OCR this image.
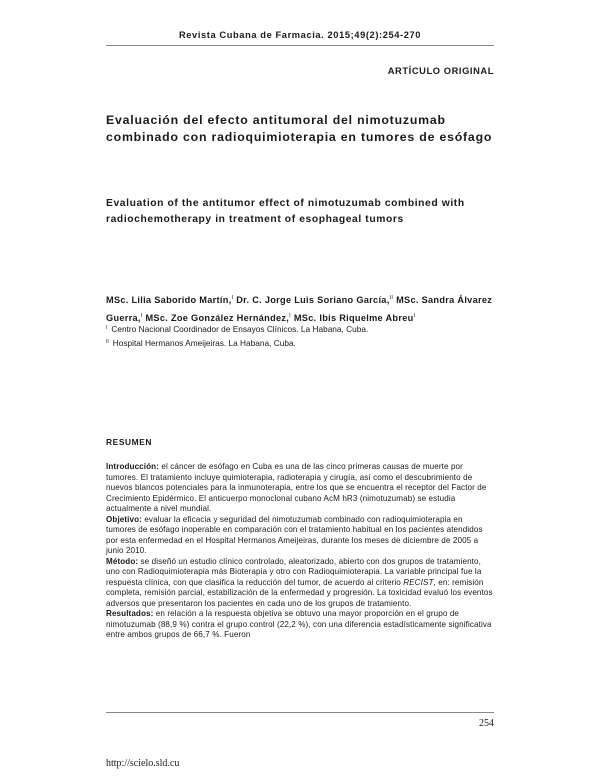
Revista Cubana de Farmacia. 2015;49(2):254-270
ARTÍCULO ORIGINAL
Evaluación del efecto antitumoral del nimotuzumab combinado con radioquimioterapia en tumores de esófago
Evaluation of the antitumor effect of nimotuzumab combined with radiochemotherapy in treatment of esophageal tumors
MSc. Lilia Saborido Martín,$^I$ Dr. C. Jorge Luis Soriano García,$^{II}$ MSc. Sandra Álvarez Guerra,$^I$ MSc. Zoe González Hernández,$^I$ MSc. Ibis Riquelme Abreu$^I$
$^I$ Centro Nacional Coordinador de Ensayos Clínicos. La Habana, Cuba.
$^{II}$ Hospital Hermanos Ameijeiras. La Habana, Cuba.
RESUMEN

Introducción: el cáncer de esófago en Cuba es una de las cinco primeras causas de muerte por tumores. El tratamiento incluye quimioterapia, radioterapia y cirugía, así como el descubrimiento de nuevos blancos potenciales para la inmunoterapia, entre los que se encuentra el receptor del Factor de Crecimiento Epidérmico. El anticuerpo monoclonal cubano AcM hR3 (nimotuzumab) se estudia actualmente a nivel mundial.

Objetivo: evaluar la eficacia y seguridad del nimotuzumab combinado con radioquimioterapia en tumores de esófago inoperable en comparación con el tratamiento habitual en los pacientes atendidos por esta enfermedad en el Hospital Hermanos Ameijeiras, durante los meses de diciembre de 2005 a junio 2010.

Método: se diseñó un estudio clínico controlado, aleatorizado, abierto con dos grupos de tratamiento, uno con Radioquimioterapia más Bioterapia y otro con Radioquimioterapia. La variable principal fue la respuesta clínica, con que clasifica la reducción del tumor, de acuerdo al criterio RECIST, en: remisión completa, remisión parcial, estabilización de la enfermedad y progresión. La toxicidad evaluó los eventos adversos que presentaron los pacientes en cada uno de los grupos de tratamiento.

Resultados: en relación a la respuesta objetiva se obtuvo una mayor proporción en el grupo de nimotuzumab (88,9 %) contra el grupo control (22,2 %), con una diferencia estadísticamente significativa entre ambos grupos de 66,7 %. Fueron

254
http://scielo.sld.cu
